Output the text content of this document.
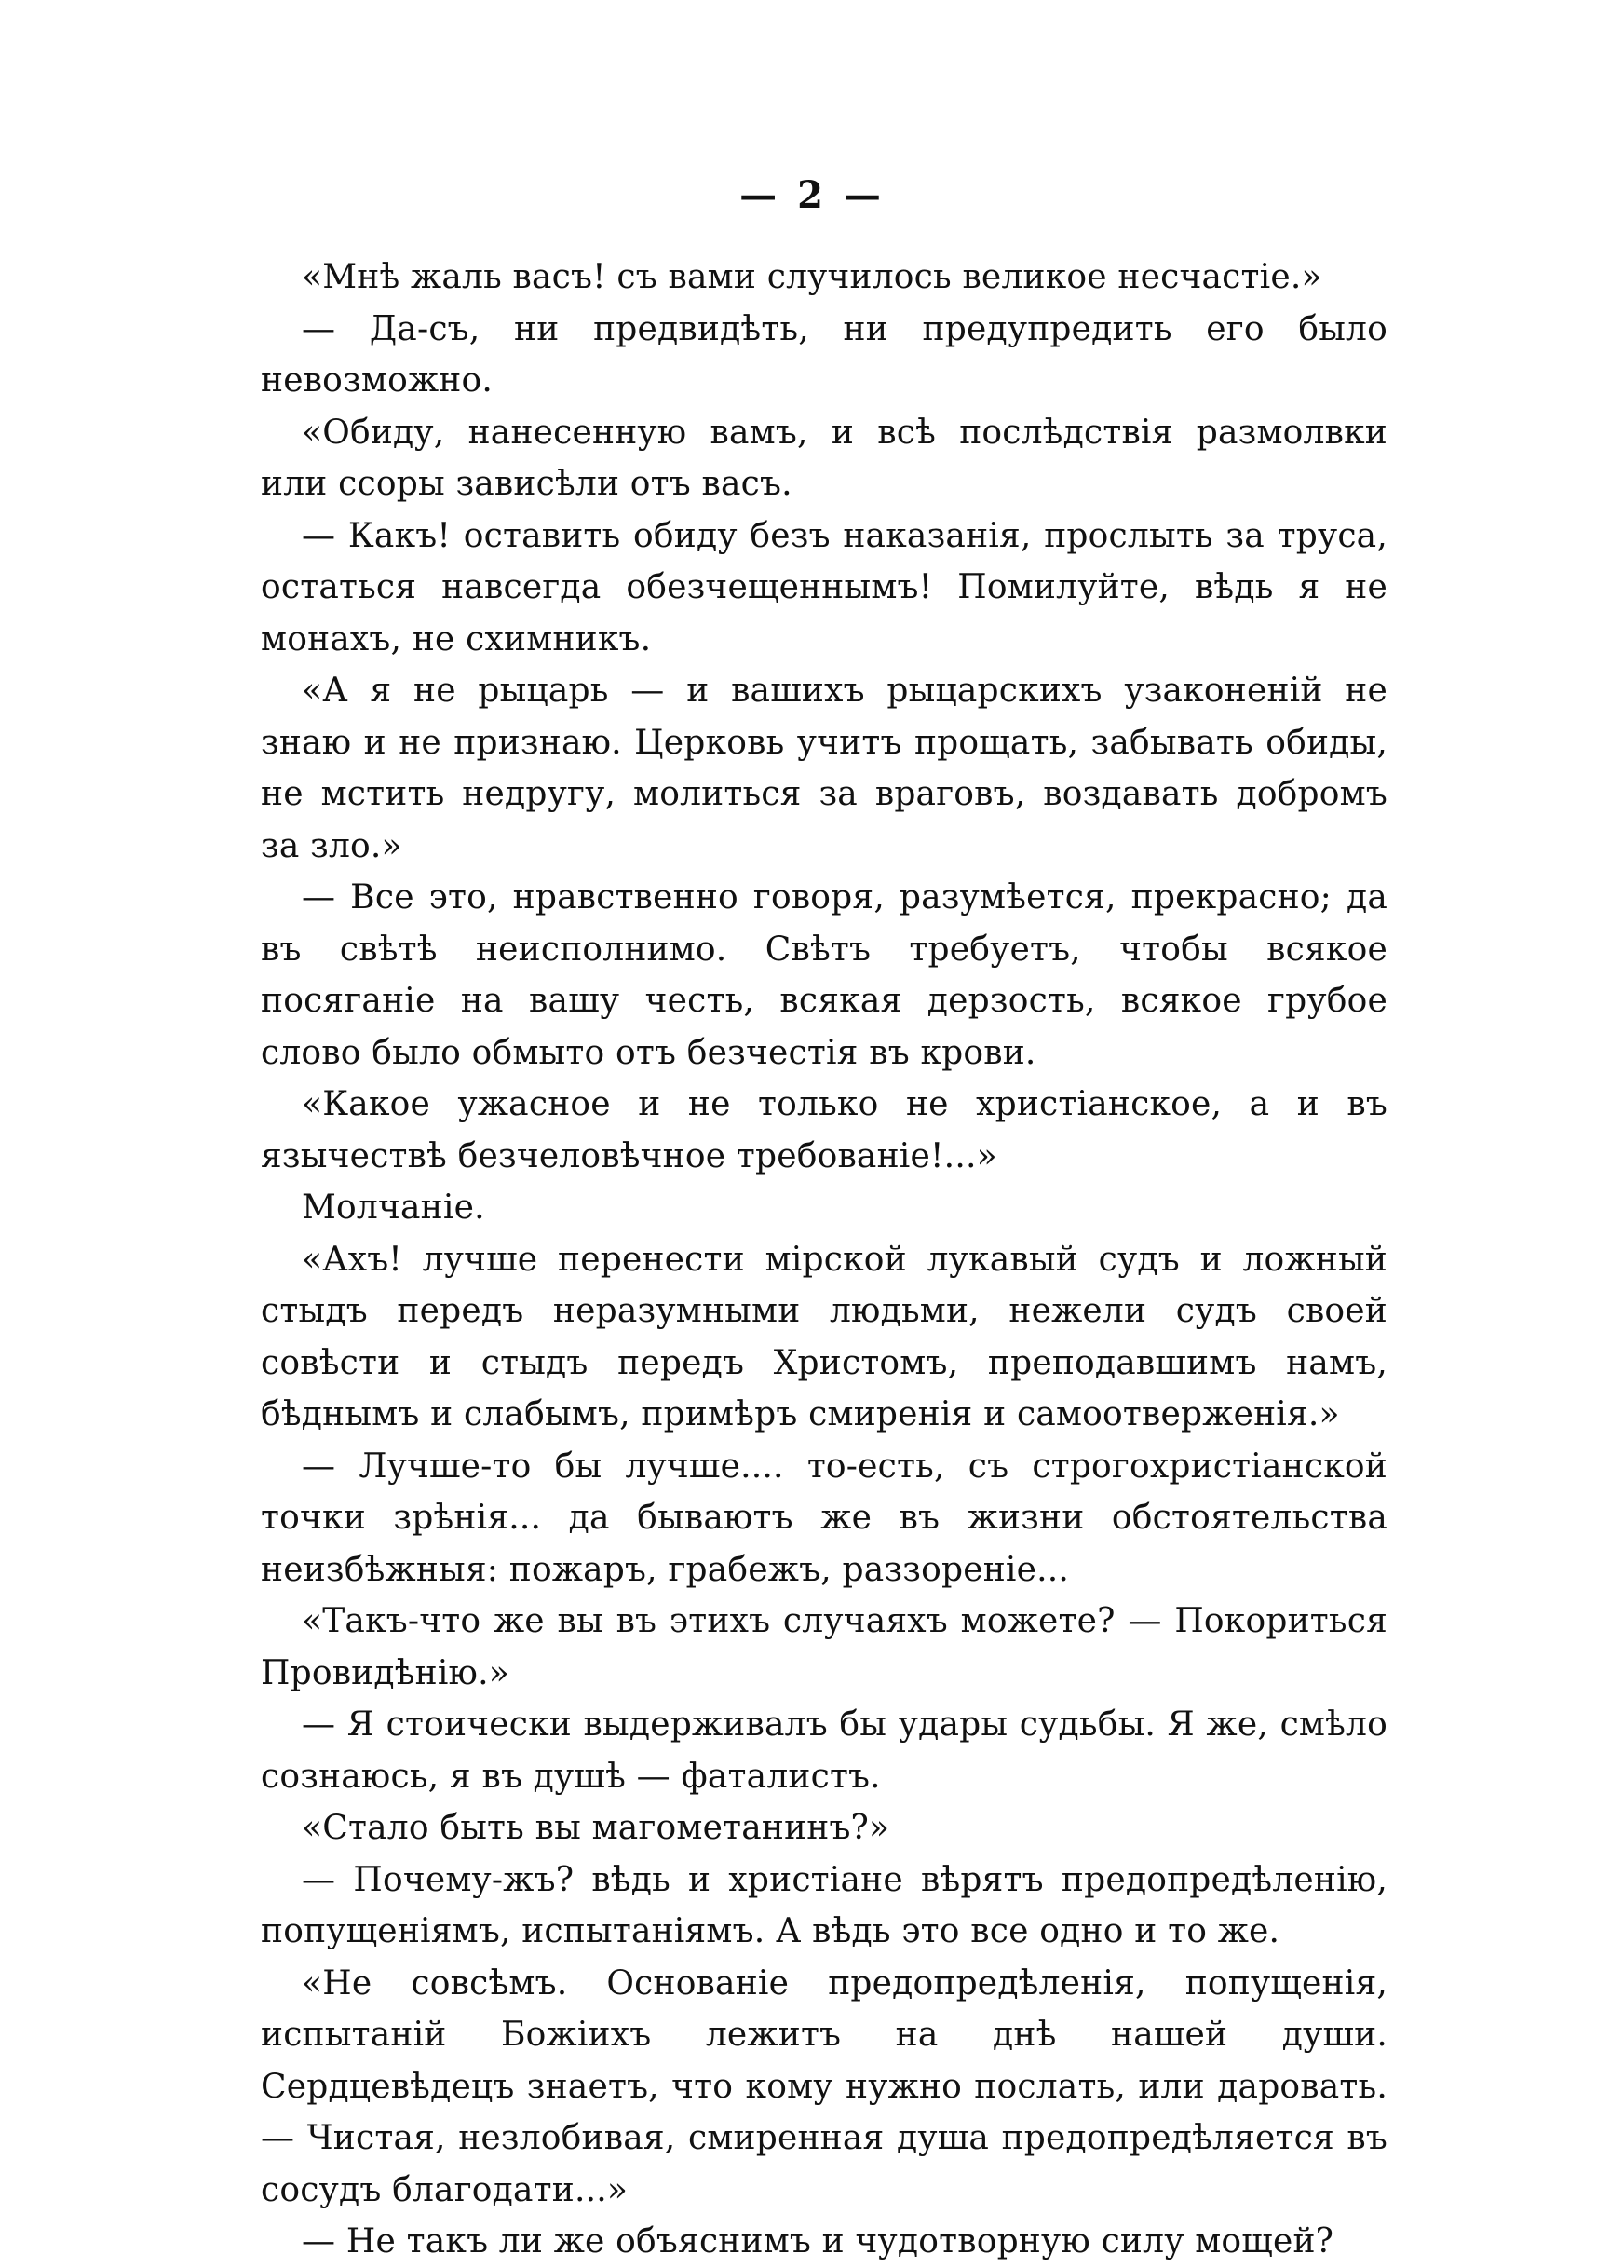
— 2 —

«Мнѣ жаль васъ! съ вами случилось великое несчастіе.»

— Да-съ, ни предвидѣть, ни предупредить его было невозможно.

«Обиду, нанесенную вамъ, и всѣ послѣдствія размолвки или ссоры зависѣли отъ васъ.

— Какъ! оставить обиду безъ наказанія, прослыть за труса, остаться навсегда обезчещеннымъ! Помилуйте, вѣдь я не монахъ, не схимникъ.

«А я не рыцарь — и вашихъ рыцарскихъ узаконеній не знаю и не признаю. Церковь учитъ прощать, забывать обиды, не мстить недругу, молиться за враговъ, воздавать добромъ за зло.»

— Все это, нравственно говоря, разумѣется, прекрасно; да въ свѣтѣ неисполнимо. Свѣтъ требуетъ, чтобы всякое посяганіе на вашу честь, всякая дерзость, всякое грубое слово было обмыто отъ безчестія въ крови.

«Какое ужасное и не только не христіанское, а и въ язычествѣ безчеловѣчное требованіе!...»

Молчаніе.

«Ахъ! лучше перенести мірской лукавый судъ и ложный стыдъ передъ неразумными людьми, нежели судъ своей совѣсти и стыдъ передъ Христомъ, преподавшимъ намъ, бѣднымъ и слабымъ, примѣръ смиренія и самоотверженія.»

— Лучше-то бы лучше.... то-есть, съ строгохристіанской точки зрѣнія... да бываютъ же въ жизни обстоятельства неизбѣжныя: пожаръ, грабежъ, раззореніе...

«Такъ-что же вы въ этихъ случаяхъ можете? — Покориться Провидѣнію.»

— Я стоически выдерживалъ бы удары судьбы. Я же, смѣло сознаюсь, я въ душѣ — фаталистъ.

«Стало быть вы магометанинъ?»

— Почему-жъ? вѣдь и христіане вѣрятъ предопредѣленію, попущеніямъ, испытаніямъ. А вѣдь это все одно и то же.

«Не совсѣмъ. Основаніе предопредѣленія, попущенія, испытаній Божіихъ лежитъ на днѣ нашей души. Сердцевѣдецъ знаетъ, что кому нужно послать, или даровать. — Чистая, незлобивая, смиренная душа предопредѣляется въ сосудъ благодати...»

— Не такъ ли же объяснимъ и чудотворную силу мощей?
